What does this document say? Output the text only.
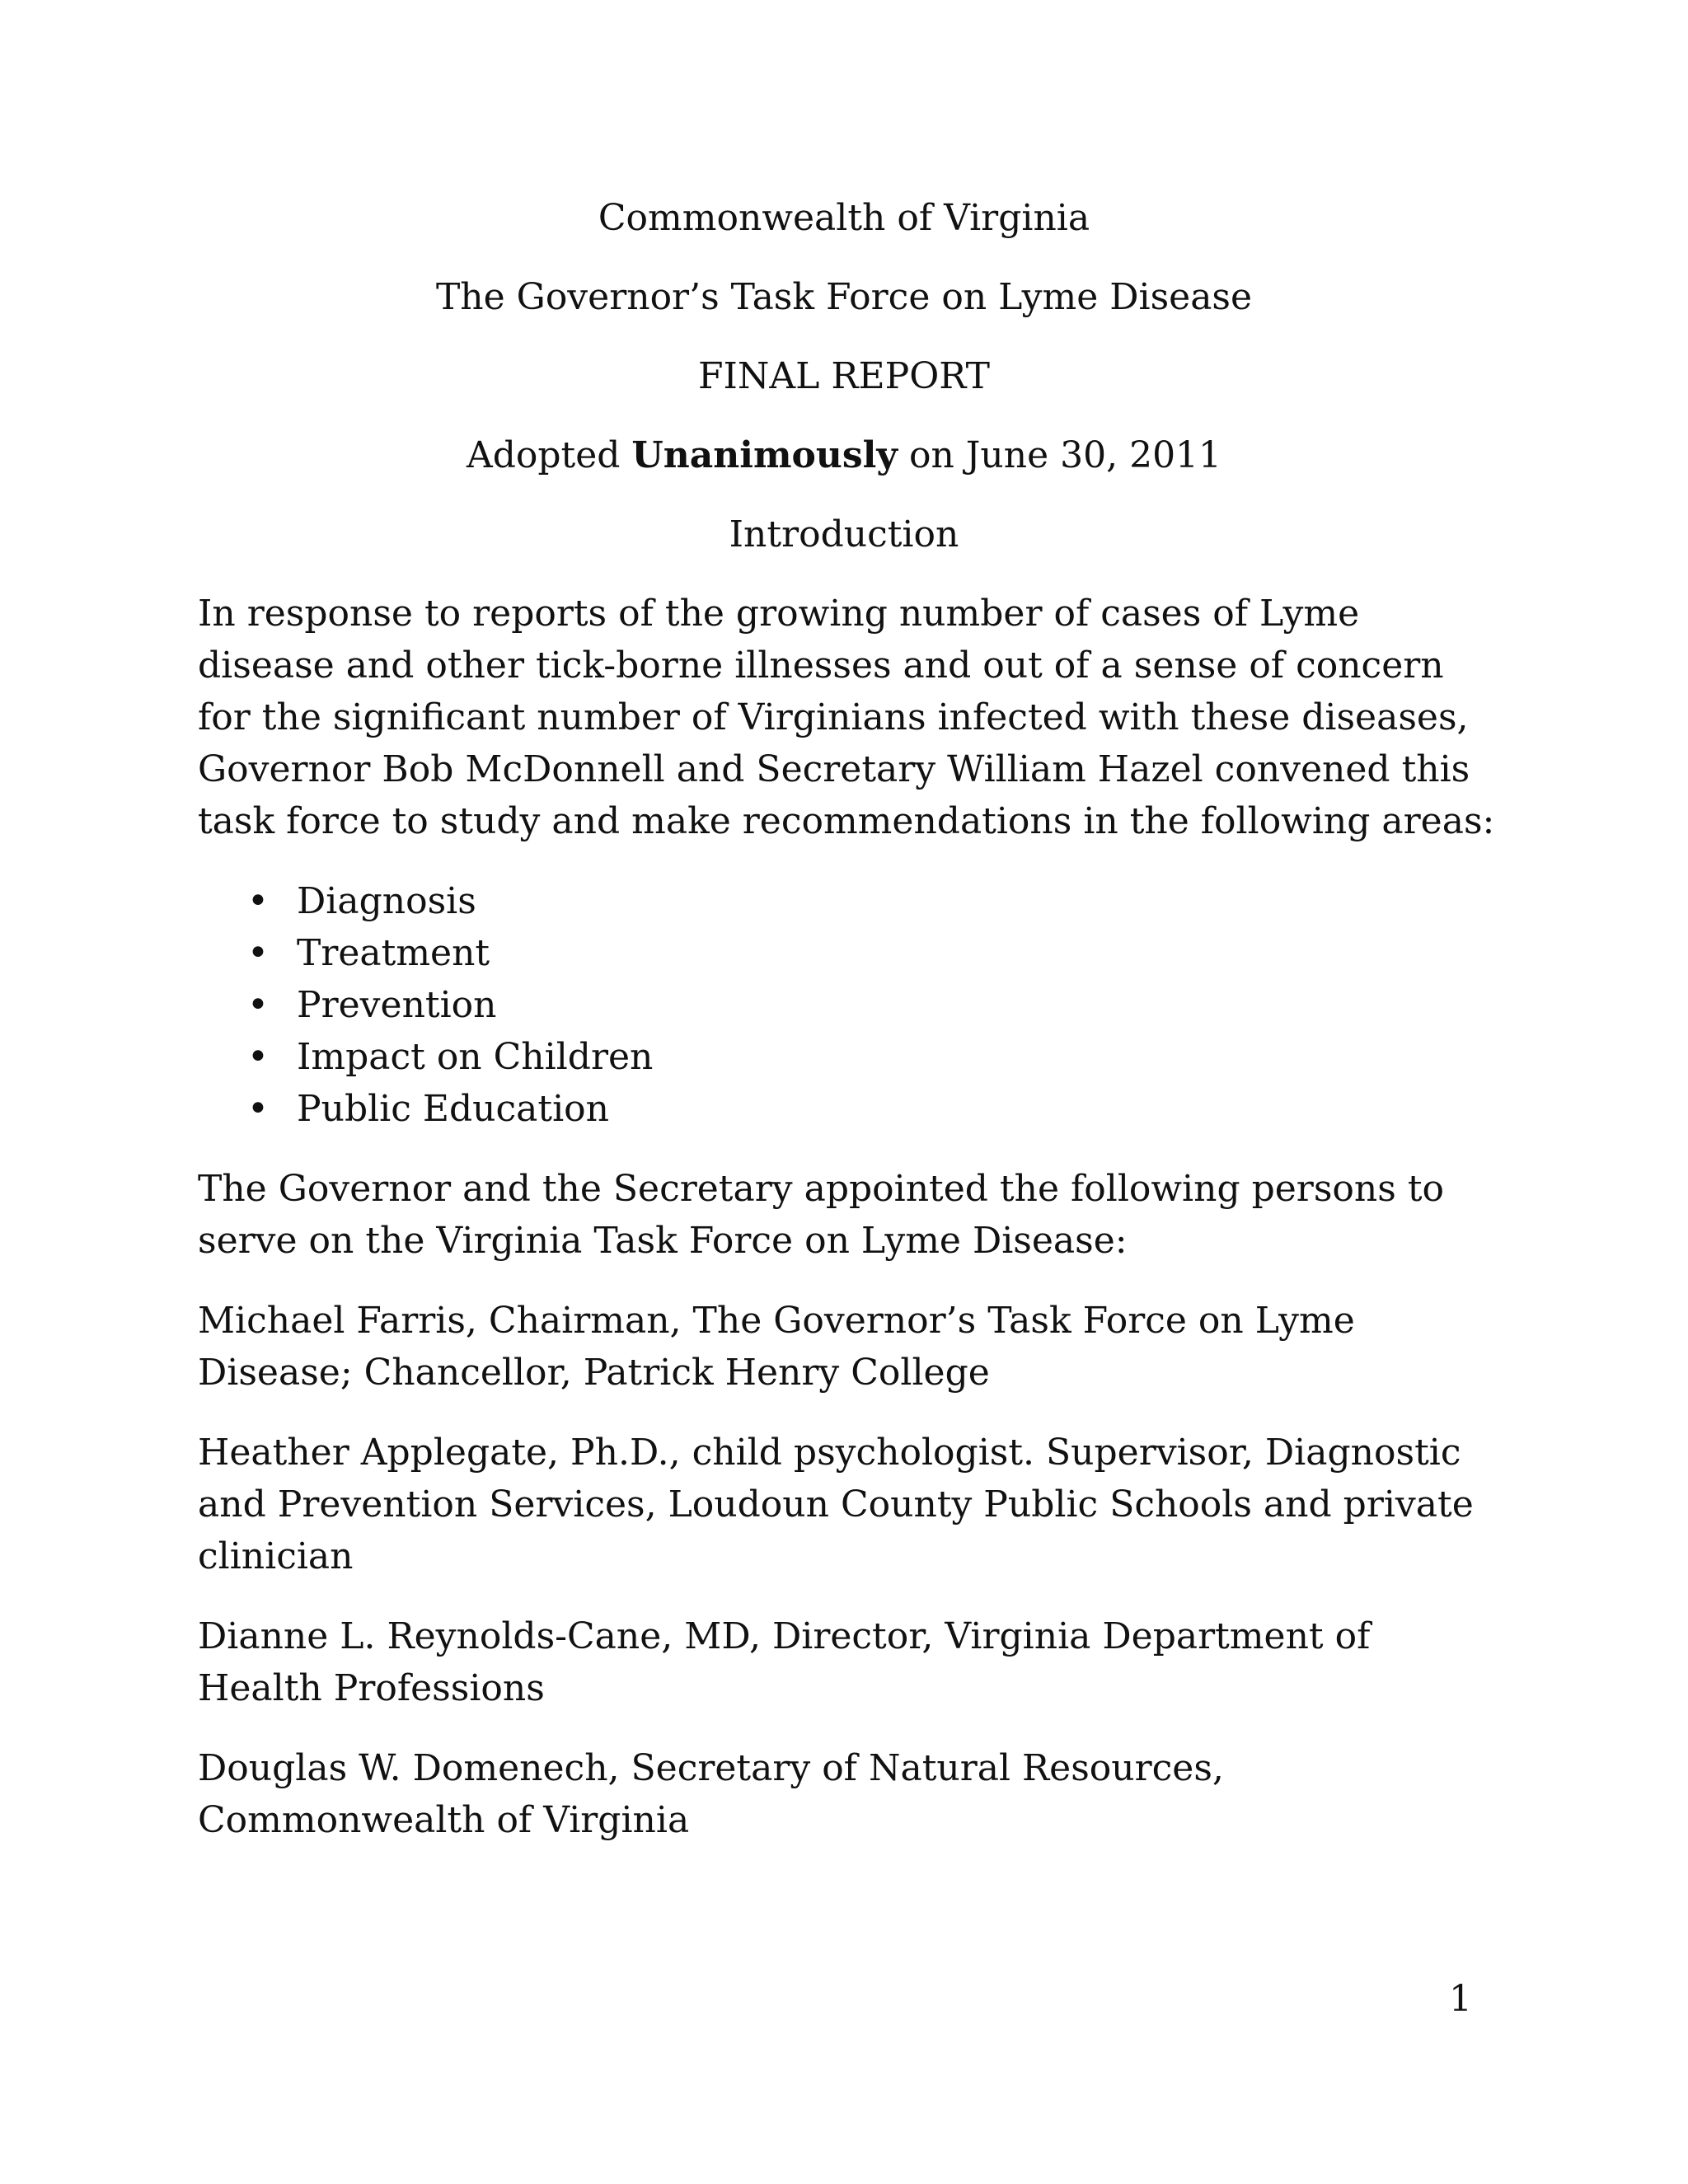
Commonwealth of Virginia

The Governor’s Task Force on Lyme Disease

FINAL REPORT

Adopted Unanimously on June 30, 2011

Introduction

In response to reports of the growing number of cases of Lyme disease and other tick-borne illnesses and out of a sense of concern for the significant number of Virginians infected with these diseases, Governor Bob McDonnell and Secretary William Hazel convened this task force to study and make recommendations in the following areas:

• Diagnosis
• Treatment
• Prevention
• Impact on Children
• Public Education

The Governor and the Secretary appointed the following persons to serve on the Virginia Task Force on Lyme Disease:

Michael Farris, Chairman, The Governor’s Task Force on Lyme Disease; Chancellor, Patrick Henry College

Heather Applegate, Ph.D., child psychologist. Supervisor, Diagnostic and Prevention Services, Loudoun County Public Schools and private clinician

Dianne L. Reynolds-Cane, MD, Director, Virginia Department of Health Professions

Douglas W. Domenech, Secretary of Natural Resources, Commonwealth of Virginia

1
